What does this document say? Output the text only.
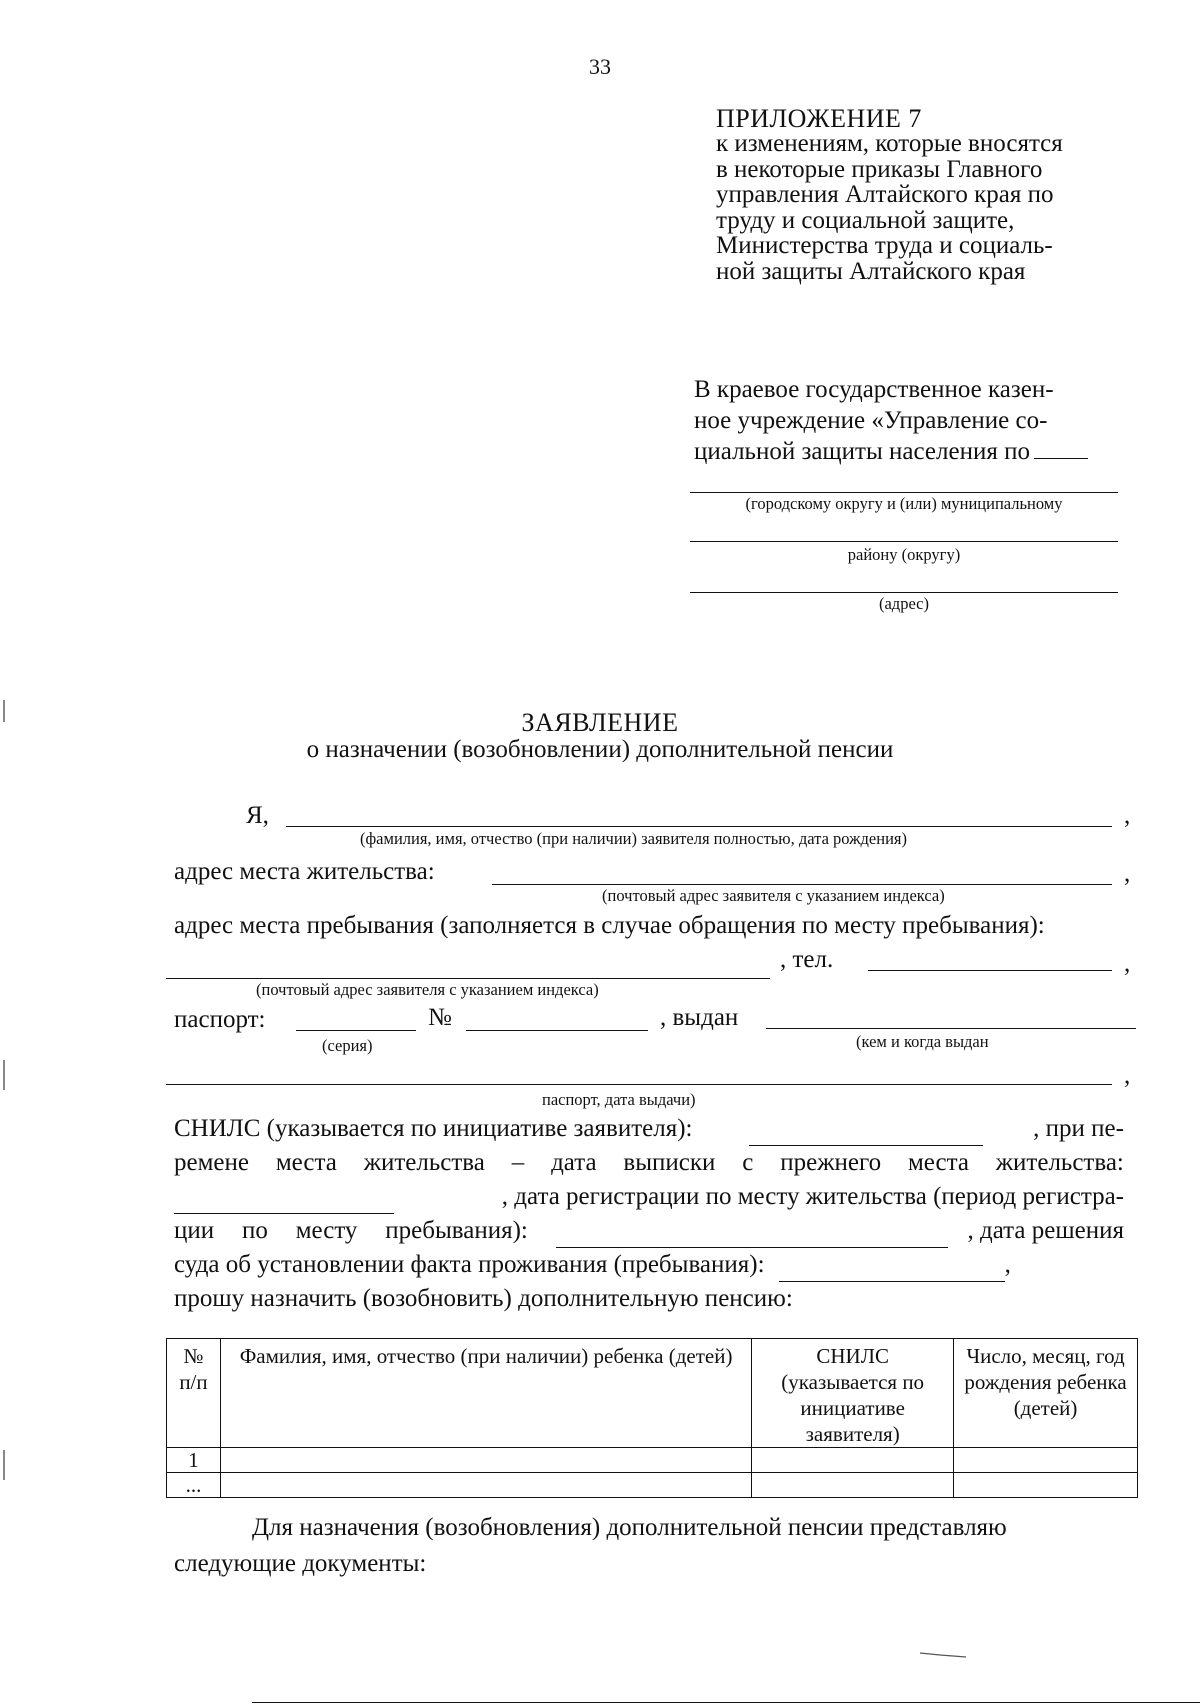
33
ПРИЛОЖЕНИЕ 7
к изменениям, которые вносятся
в некоторые приказы Главного
управления Алтайского края по
труду и социальной защите,
Министерства труда и социаль-
ной защиты Алтайского края
В краевое государственное казен-
ное учреждение «Управление со-
циальной защиты населения по
(городскому округу и (или) муниципальному
району (округу)
(адрес)
ЗАЯВЛЕНИЕ
о назначении (возобновлении) дополнительной пенсии
Я,	,
(фамилия, имя, отчество (при наличии) заявителя полностью, дата рождения)
адрес места жительства:	,
(почтовый адрес заявителя с указанием индекса)
адрес места пребывания (заполняется в случае обращения по месту пребывания):
, тел.	,
(почтовый адрес заявителя с указанием индекса)
паспорт:	№	, выдан
(серия)	(кем и когда выдан
,
паспорт, дата выдачи)
СНИЛС (указывается по инициативе заявителя):	, при пе-
ремене места жительства – дата выписки с прежнего места жительства:
, дата регистрации по месту жительства (период регистра-
ции по месту пребывания):	, дата решения
суда об установлении факта проживания (пребывания):	,
прошу назначить (возобновить) дополнительную пенсию:
№ п/п	Фамилия, имя, отчество (при наличии) ребенка (детей)	СНИЛС (указывается по инициативе заявителя)	Число, месяц, год рождения ребенка (детей)
1			
...			
Для назначения (возобновления) дополнительной пенсии представляю
следующие документы:
